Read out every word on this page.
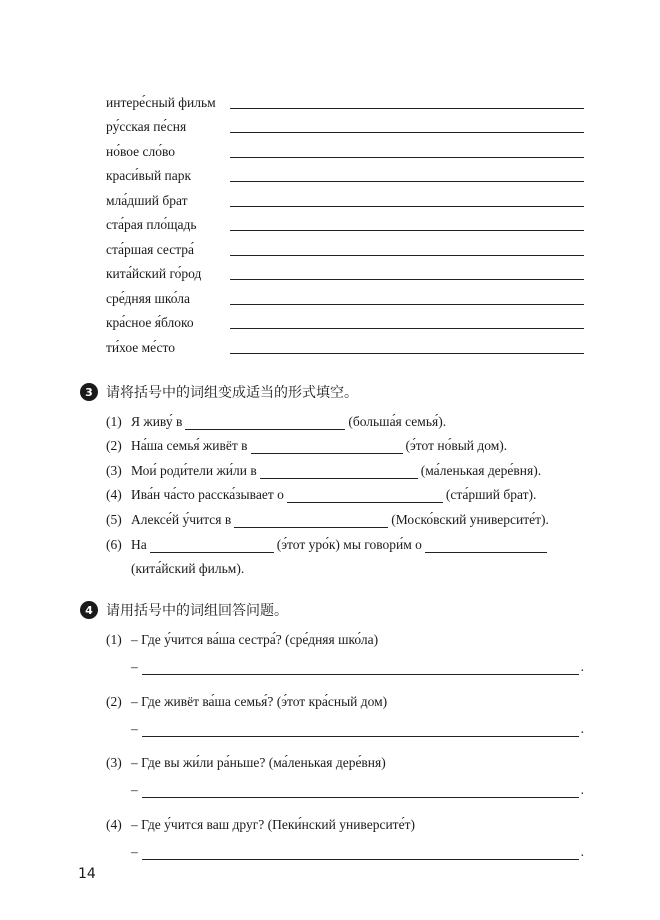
интере́сный фильм
ру́сская пе́сня
но́вое сло́во
краси́вый парк
мла́дший брат
ста́рая пло́щадь
ста́ршая сестра́
кита́йский го́род
сре́дняя шко́ла
кра́сное я́блоко
ти́хое ме́сто
3 请将括号中的词组变成适当的形式填空。
(1) Я живу́ в	(больша́я семья́).
(2) На́ша семья́ живёт в	(э́тот но́вый дом).
(3) Мои́ роди́тели жи́ли в	(ма́ленькая дере́вня).
(4) Ива́н ча́сто расска́зывает о	(ста́рший брат).
(5) Алексе́й у́чится в	(Моско́вский университе́т).
(6) На	(э́тот уро́к) мы говори́м о
(кита́йский фильм).
4 请用括号中的词组回答问题。
(1) – Где у́чится ва́ша сестра́? (сре́дняя шко́ла)
–	.
(2) – Где живёт ва́ша семья́? (э́тот кра́сный дом)
–	.
(3) – Где вы жи́ли ра́ньше? (ма́ленькая дере́вня)
–	.
(4) – Где у́чится ваш друг? (Пеки́нский университе́т)
–	.
14
